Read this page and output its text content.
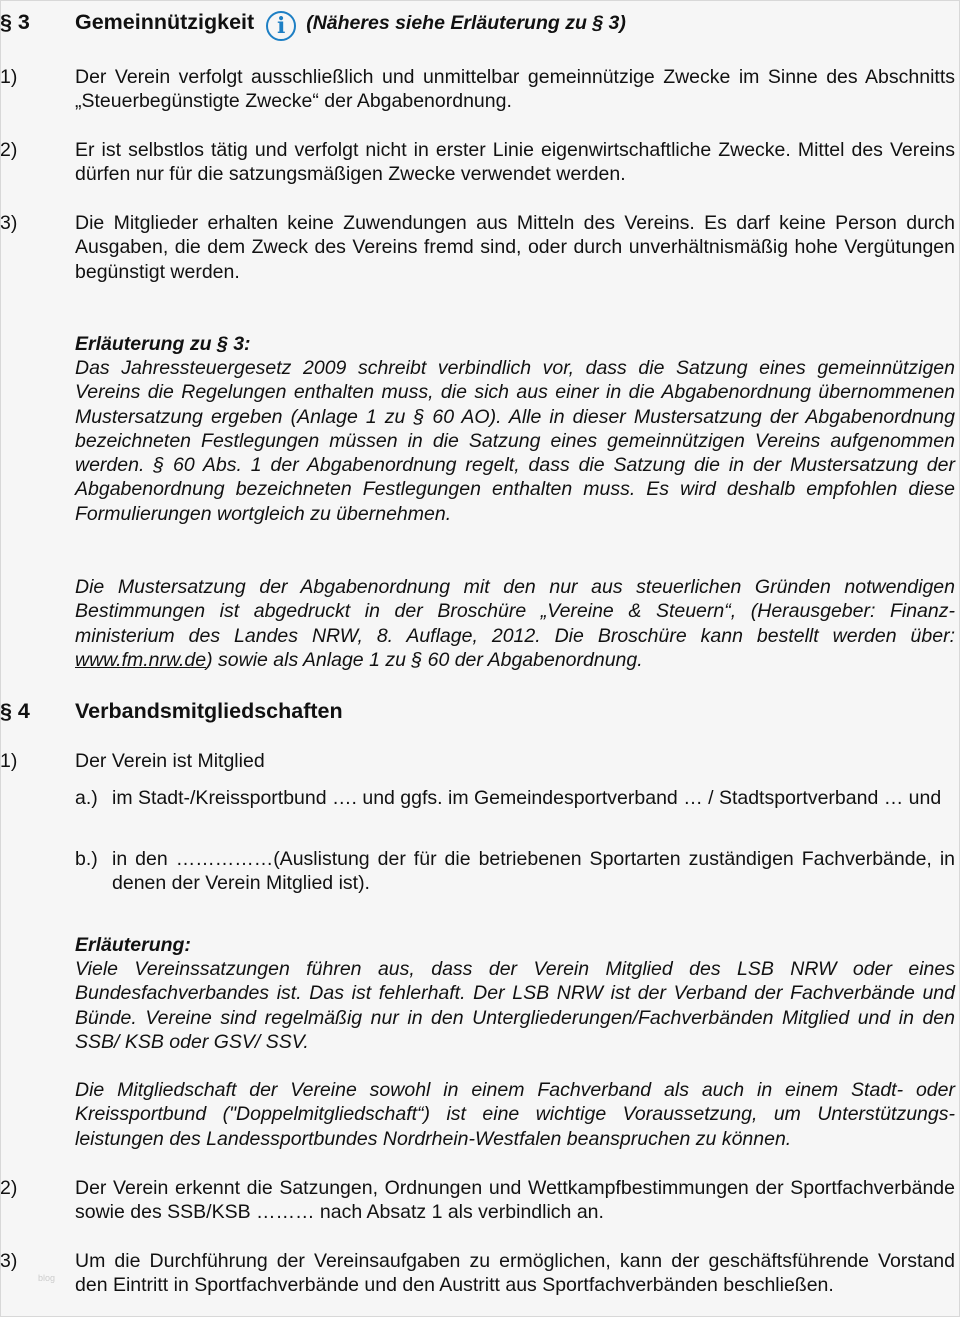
§ 3 Gemeinnützigkeit i (Näheres siehe Erläuterung zu § 3)
1)	Der Verein verfolgt ausschließlich und unmittelbar gemeinnützige Zwecke im Sinne des Abschnitts „Steuerbegünstigte Zwecke“ der Abgabenordnung.
2)	Er ist selbstlos tätig und verfolgt nicht in erster Linie eigenwirtschaftliche Zwecke. Mittel des Vereins dürfen nur für die satzungsmäßigen Zwecke verwendet werden.
3)	Die Mitglieder erhalten keine Zuwendungen aus Mitteln des Vereins. Es darf keine Person durch Ausgaben, die dem Zweck des Vereins fremd sind, oder durch unverhältnismäßig hohe Vergütungen begünstigt werden.
Erläuterung zu § 3:
Das Jahressteuergesetz 2009 schreibt verbindlich vor, dass die Satzung eines gemeinnützigen Vereins die Regelungen enthalten muss, die sich aus einer in die Abgabenordnung übernommenen Mustersatzung ergeben (Anlage 1 zu § 60 AO). Alle in dieser Mustersatzung der Abgabenordnung bezeichneten Festlegungen müssen in die Satzung eines gemeinnützigen Vereins aufgenommen werden. § 60 Abs. 1 der Abgabenordnung regelt, dass die Satzung die in der Mustersatzung der Abgabenordnung bezeichneten Festlegungen enthalten muss. Es wird deshalb empfohlen diese Formulierungen wortgleich zu übernehmen.
Die Mustersatzung der Abgabenordnung mit den nur aus steuerlichen Gründen notwendigen Bestimmungen ist abgedruckt in der Broschüre „Vereine & Steuern“, (Herausgeber: Finanz-ministerium des Landes NRW, 8. Auflage, 2012. Die Broschüre kann bestellt werden über: www.fm.nrw.de) sowie als Anlage 1 zu § 60 der Abgabenordnung.
§ 4 Verbandsmitgliedschaften
1)	Der Verein ist Mitglied
a.) im Stadt-/Kreissportbund …. und ggfs. im Gemeindesportverband … / Stadtsportverband … und
b.) in den ……………(Auslistung der für die betriebenen Sportarten zuständigen Fachverbände, in denen der Verein Mitglied ist).
Erläuterung:
Viele Vereinssatzungen führen aus, dass der Verein Mitglied des LSB NRW oder eines Bundesfachverbandes ist. Das ist fehlerhaft. Der LSB NRW ist der Verband der Fachverbände und Bünde. Vereine sind regelmäßig nur in den Untergliederungen/Fachverbänden Mitglied und in den SSB/ KSB oder GSV/ SSV.
Die Mitgliedschaft der Vereine sowohl in einem Fachverband als auch in einem Stadt- oder Kreissportbund ("Doppelmitgliedschaft“) ist eine wichtige Voraussetzung, um Unterstützungs-leistungen des Landessportbundes Nordrhein-Westfalen beanspruchen zu können.
2)	Der Verein erkennt die Satzungen, Ordnungen und Wettkampfbestimmungen der Sportfachverbände sowie des SSB/KSB ……… nach Absatz 1 als verbindlich an.
3)	Um die Durchführung der Vereinsaufgaben zu ermöglichen, kann der geschäftsführende Vorstand den Eintritt in Sportfachverbände und den Austritt aus Sportfachverbänden beschließen.
blog
